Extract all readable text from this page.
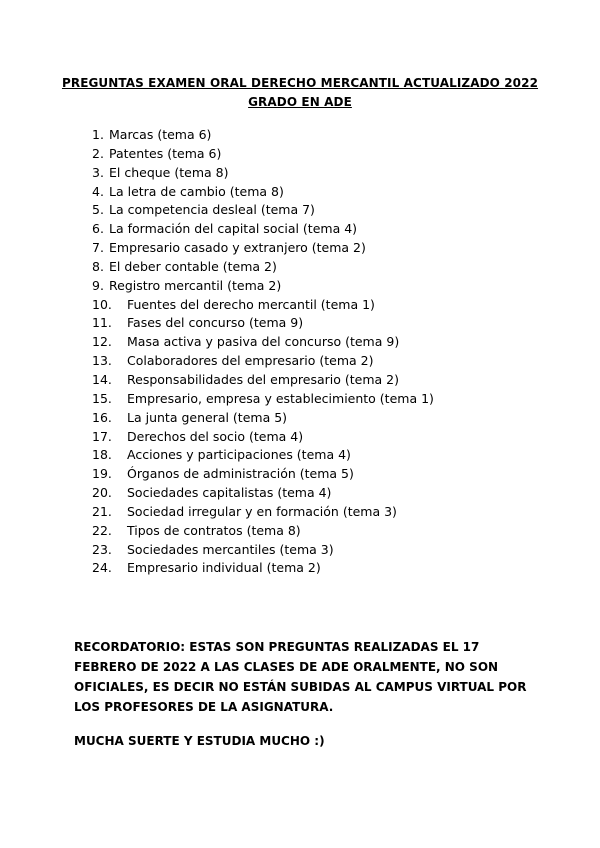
PREGUNTAS EXAMEN ORAL DERECHO MERCANTIL ACTUALIZADO 2022
GRADO EN ADE
1. Marcas (tema 6)
2. Patentes (tema 6)
3. El cheque (tema 8)
4. La letra de cambio (tema 8)
5. La competencia desleal (tema 7)
6. La formación del capital social (tema 4)
7. Empresario casado y extranjero (tema 2)
8. El deber contable (tema 2)
9. Registro mercantil (tema 2)
10. Fuentes del derecho mercantil (tema 1)
11. Fases del concurso (tema 9)
12. Masa activa y pasiva del concurso (tema 9)
13. Colaboradores del empresario (tema 2)
14. Responsabilidades del empresario (tema 2)
15. Empresario, empresa y establecimiento (tema 1)
16. La junta general (tema 5)
17. Derechos del socio (tema 4)
18. Acciones y participaciones (tema 4)
19. Órganos de administración (tema 5)
20. Sociedades capitalistas (tema 4)
21. Sociedad irregular y en formación (tema 3)
22. Tipos de contratos (tema 8)
23. Sociedades mercantiles (tema 3)
24. Empresario individual (tema 2)
RECORDATORIO: ESTAS SON PREGUNTAS REALIZADAS EL 17 FEBRERO DE 2022 A LAS CLASES DE ADE ORALMENTE, NO SON OFICIALES, ES DECIR NO ESTÁN SUBIDAS AL CAMPUS VIRTUAL POR LOS PROFESORES DE LA ASIGNATURA.
MUCHA SUERTE Y ESTUDIA MUCHO :)
